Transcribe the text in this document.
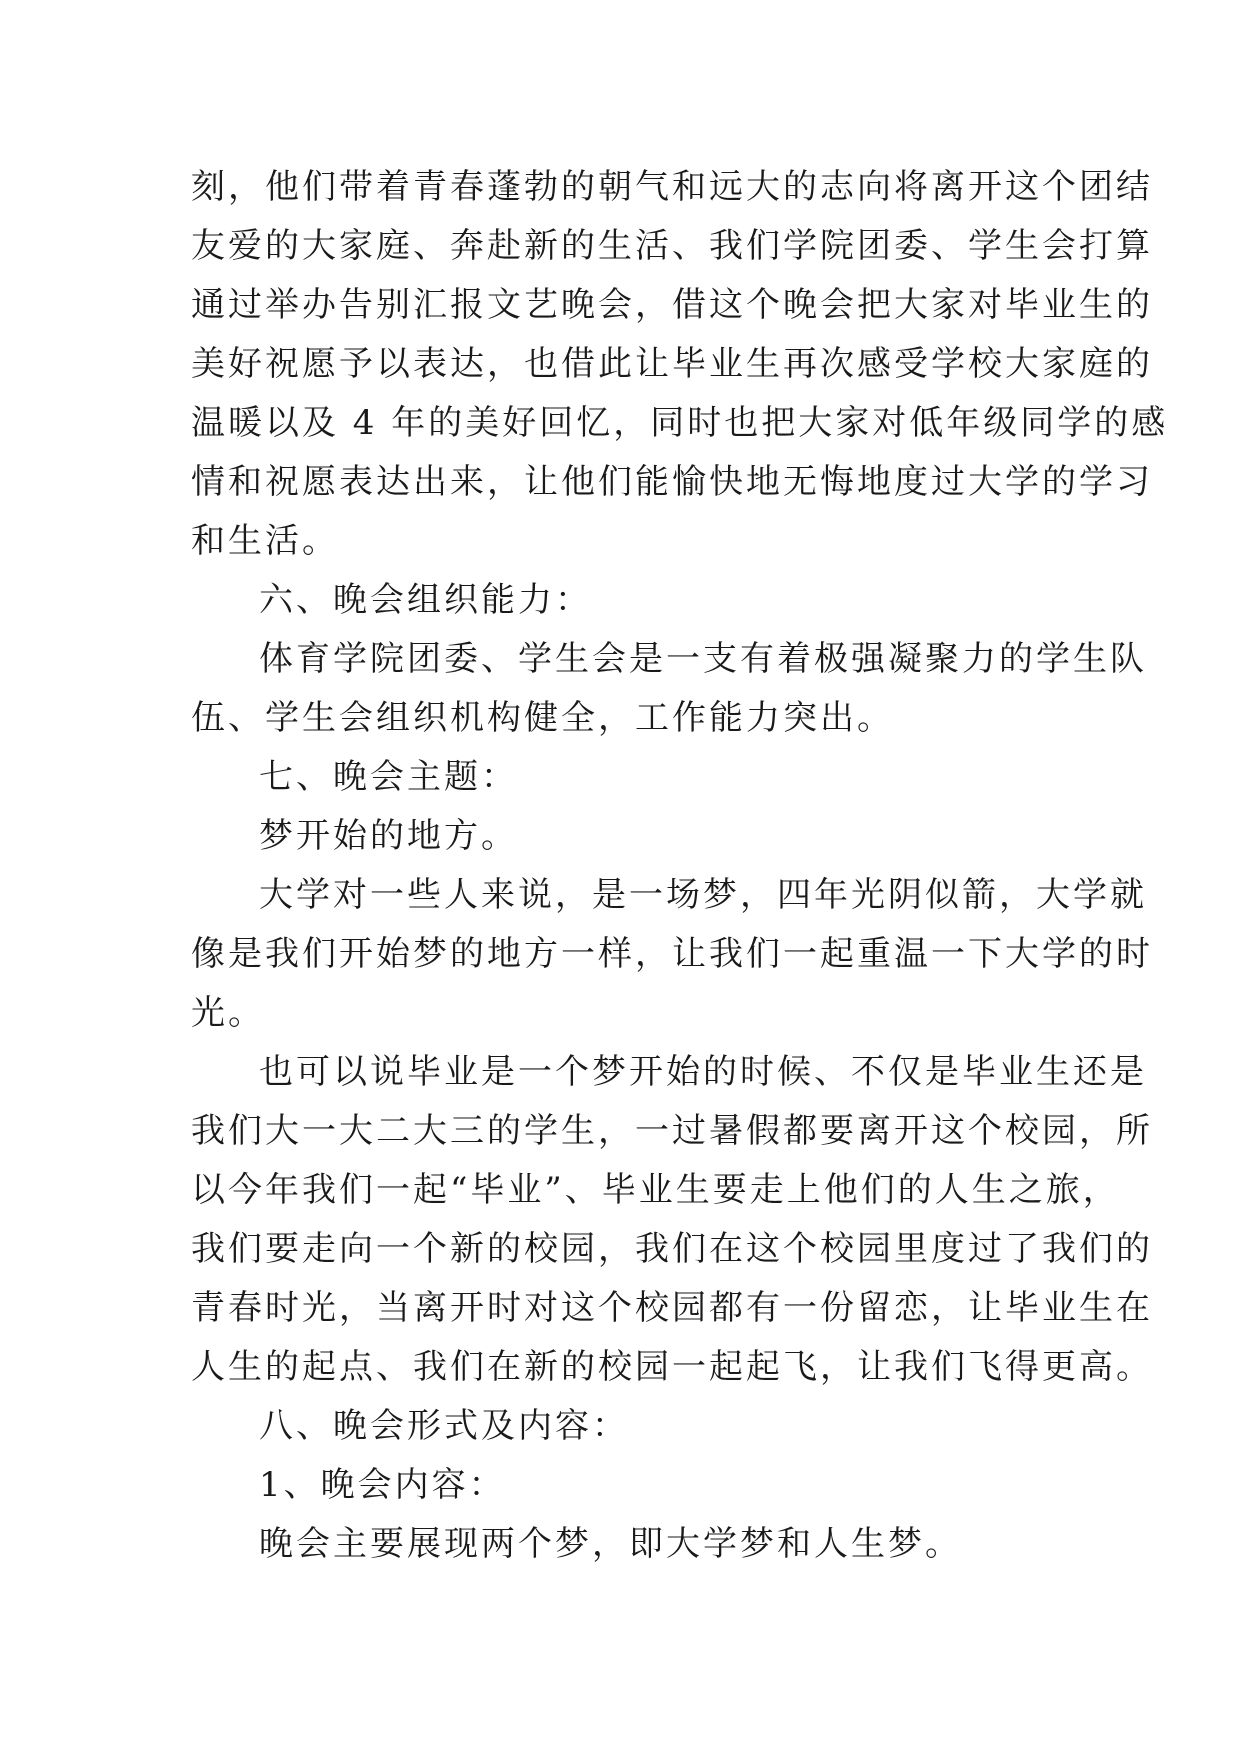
刻，他们带着青春蓬勃的朝气和远大的志向将离开这个团结
友爱的大家庭、奔赴新的生活、我们学院团委、学生会打算
通过举办告别汇报文艺晚会，借这个晚会把大家对毕业生的
美好祝愿予以表达，也借此让毕业生再次感受学校大家庭的
温暖以及 4 年的美好回忆，同时也把大家对低年级同学的感
情和祝愿表达出来，让他们能愉快地无悔地度过大学的学习
和生活。
六、晚会组织能力：
体育学院团委、学生会是一支有着极强凝聚力的学生队
伍、学生会组织机构健全，工作能力突出。
七、晚会主题：
梦开始的地方。
大学对一些人来说，是一场梦，四年光阴似箭，大学就
像是我们开始梦的地方一样，让我们一起重温一下大学的时
光。
也可以说毕业是一个梦开始的时候、不仅是毕业生还是
我们大一大二大三的学生，一过暑假都要离开这个校园，所
以今年我们一起“毕业”、毕业生要走上他们的人生之旅，
我们要走向一个新的校园，我们在这个校园里度过了我们的
青春时光，当离开时对这个校园都有一份留恋，让毕业生在
人生的起点、我们在新的校园一起起飞，让我们飞得更高。
八、晚会形式及内容：
1、晚会内容：
晚会主要展现两个梦，即大学梦和人生梦。
